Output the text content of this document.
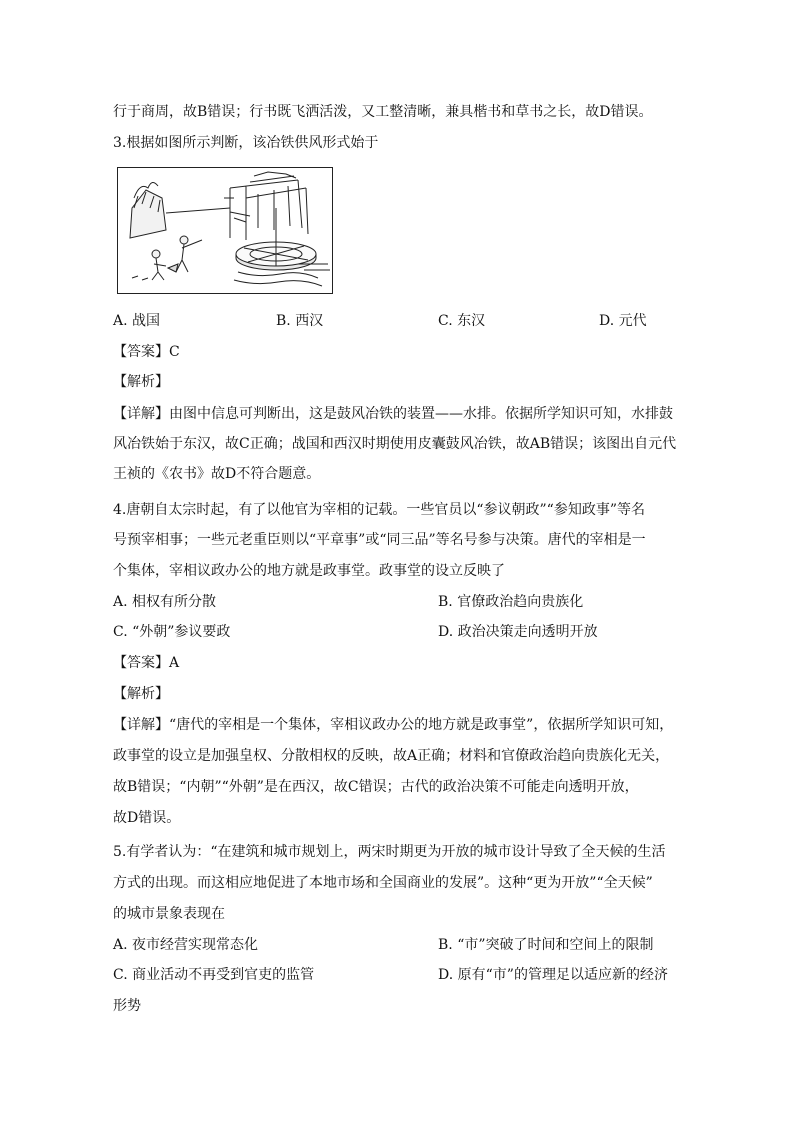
行于商周，故B错误；行书既飞洒活泼，又工整清晰，兼具楷书和草书之长，故D错误。
3.根据如图所示判断，该冶铁供风形式始于
A. 战国	B. 西汉	C. 东汉	D. 元代
【答案】C
【解析】
【详解】由图中信息可判断出，这是鼓风冶铁的装置——水排。依据所学知识可知，水排鼓
风冶铁始于东汉，故C正确；战国和西汉时期使用皮囊鼓风冶铁，故AB错误；该图出自元代
王祯的《农书》故D不符合题意。
4.唐朝自太宗时起，有了以他官为宰相的记载。一些官员以“参议朝政”“参知政事”等名
号预宰相事；一些元老重臣则以“平章事”或“同三品”等名号参与决策。唐代的宰相是一
个集体，宰相议政办公的地方就是政事堂。政事堂的设立反映了
A. 相权有所分散	B. 官僚政治趋向贵族化
C. “外朝”参议要政	D. 政治决策走向透明开放
【答案】A
【解析】
【详解】“唐代的宰相是一个集体，宰相议政办公的地方就是政事堂”，依据所学知识可知，
政事堂的设立是加强皇权、分散相权的反映，故A正确；材料和官僚政治趋向贵族化无关，
故B错误；“内朝”“外朝”是在西汉，故C错误；古代的政治决策不可能走向透明开放，
故D错误。
5.有学者认为：“在建筑和城市规划上，两宋时期更为开放的城市设计导致了全天候的生活
方式的出现。而这相应地促进了本地市场和全国商业的发展”。这种“更为开放”“全天候”
的城市景象表现在
A. 夜市经营实现常态化	B. “市”突破了时间和空间上的限制
C. 商业活动不再受到官吏的监管	D. 原有“市”的管理足以适应新的经济
形势
